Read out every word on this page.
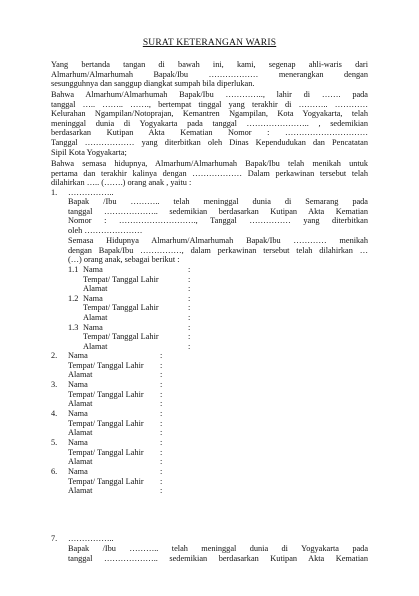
SURAT KETERANGAN WARIS
Yang bertanda tangan di bawah ini, kami, segenap ahli-waris dari
Almarhum/Almarhumah Bapak/Ibu ……………… menerangkan dengan
sesungguhnya dan sanggup diangkat sumpah bila diperlukan.
Bahwa Almarhum/Almarhumah Bapak/Ibu ………….., lahir di ……. pada
tanggal ….. …….. ……., bertempat tinggal yang terakhir di ……….. …………
Kelurahan Ngampilan/Notoprajan, Kemantren Ngampilan, Kota Yogyakarta, telah
meninggal dunia di Yogyakarta pada tanggal ………………….. , sedemikian
berdasarkan Kutipan Akta Kematian Nomor : …………………………
Tanggal ……………… yang diterbitkan oleh Dinas Kependudukan dan Pencatatan
Sipil Kota Yogyakarta;
Bahwa semasa hidupnya, Almarhum/Almarhumah Bapak/Ibu telah menikah untuk
pertama dan terakhir kalinya dengan ……………… Dalam perkawinan tersebut telah
dilahirkan ….. (…….) orang anak , yaitu :
1. ……………..
Bapak /Ibu ……….. telah meninggal dunia di Semarang pada
tanggal ……………….. sedemikian berdasarkan Kutipan Akta Kematian
Nomor : ………………………., Tanggal …………… yang diterbitkan
oleh …………………
Semasa Hidupnya Almarhum/Almarhumah Bapak/Ibu ………… menikah
dengan Bapak/Ibu ……………, dalam perkawinan tersebut telah dilahirkan …
(…) orang anak, sebagai berikut :
1.1 Nama	:
Tempat/ Tanggal Lahir	:
Alamat	:
1.2 Nama	:
Tempat/ Tanggal Lahir	:
Alamat	:
1.3 Nama	:
Tempat/ Tanggal Lahir	:
Alamat	:
2. Nama	:
Tempat/ Tanggal Lahir :
Alamat	:
3. Nama	:
Tempat/ Tanggal Lahir :
Alamat	:
4. Nama	:
Tempat/ Tanggal Lahir :
Alamat	:
5. Nama	:
Tempat/ Tanggal Lahir :
Alamat	:
6. Nama	:
Tempat/ Tanggal Lahir :
Alamat	:
7. ……………..
Bapak /Ibu ……….. telah meninggal dunia di Yogyakarta pada
tanggal ……………….. sedemikian berdasarkan Kutipan Akta Kematian
